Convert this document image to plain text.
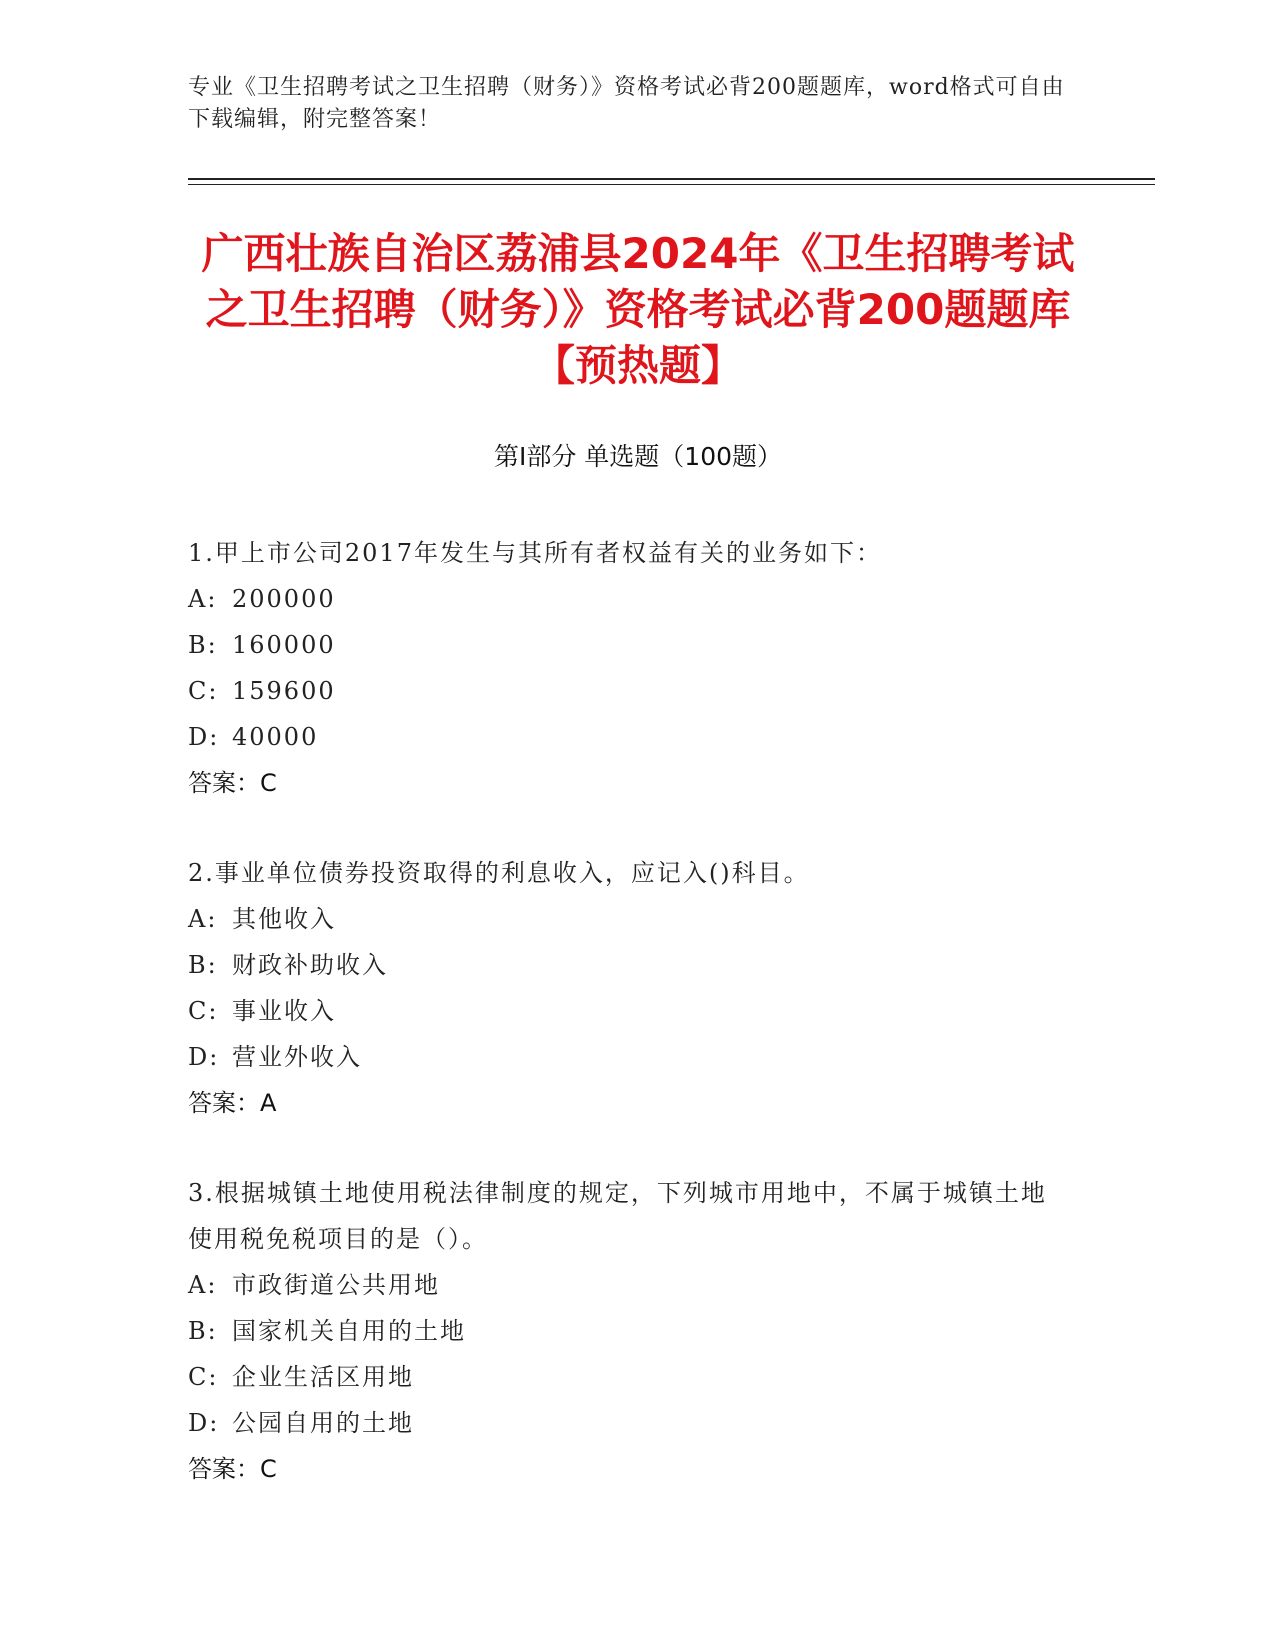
专业《卫生招聘考试之卫生招聘（财务）》资格考试必背200题题库，word格式可自由下载编辑，附完整答案！
广西壮族自治区荔浦县2024年《卫生招聘考试之卫生招聘（财务）》资格考试必背200题题库【预热题】
第I部分 单选题（100题）
1.甲上市公司2017年发生与其所有者权益有关的业务如下：
A: 200000
B: 160000
C: 159600
D: 40000
答案：C
2.事业单位债券投资取得的利息收入，应记入()科目。
A: 其他收入
B: 财政补助收入
C: 事业收入
D: 营业外收入
答案：A
3.根据城镇土地使用税法律制度的规定，下列城市用地中，不属于城镇土地使用税免税项目的是（）。
A: 市政街道公共用地
B: 国家机关自用的土地
C: 企业生活区用地
D: 公园自用的土地
答案：C
